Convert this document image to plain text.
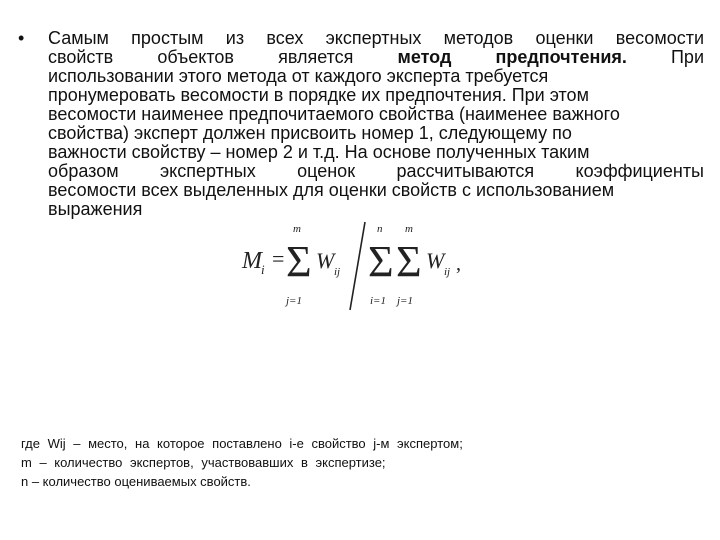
• Самым простым из всех экспертных методов оценки весомости
свойств объектов является метод предпочтения. При
использовании этого метода от каждого эксперта требуется
пронумеровать весомости в порядке их предпочтения. При этом
весомости наименее предпочитаемого свойства (наименее важного
свойства) эксперт должен присвоить номер 1, следующему по
важности свойству – номер 2 и т.д. На основе полученных таким
образом экспертных оценок рассчитываются коэффициенты
весомости всех выделенных для оценки свойств с использованием
выражения
M i =
m
Σ
j=1
W ij
n
Σ
i=1
m
Σ
j=1
W ij ,
где Wij – место, на которое поставлено i-е свойство j-м экспертом;
m – количество экспертов, участвовавших в экспертизе;
n – количество оцениваемых свойств.
